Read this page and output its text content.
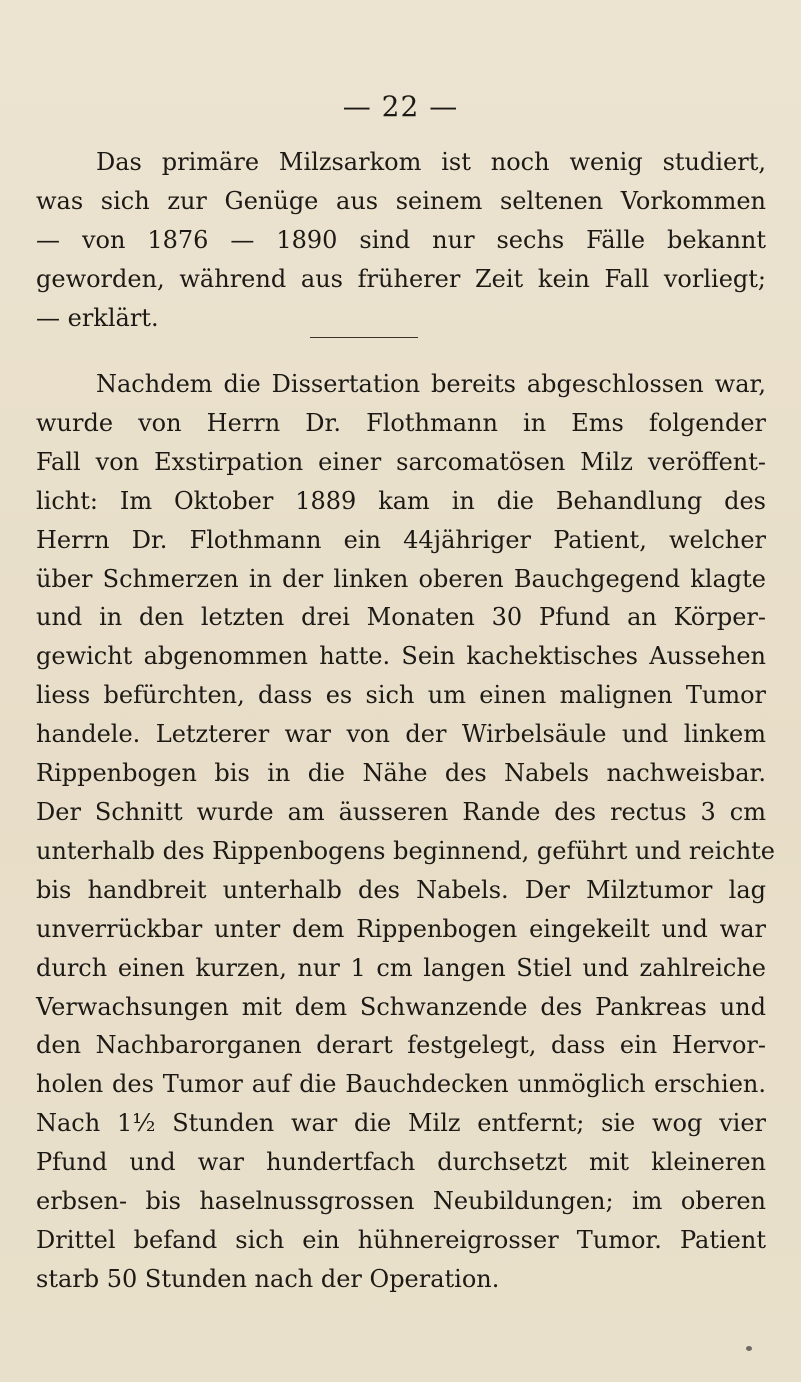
— 22 —
Das primäre Milzsarkom ist noch wenig studiert,
was sich zur Genüge aus seinem seltenen Vorkommen
— von 1876 — 1890 sind nur sechs Fälle bekannt
geworden, während aus früherer Zeit kein Fall vorliegt;
— erklärt.
Nachdem die Dissertation bereits abgeschlossen war,
wurde von Herrn Dr. Flothmann in Ems folgender
Fall von Exstirpation einer sarcomatösen Milz veröffent-
licht: Im Oktober 1889 kam in die Behandlung des
Herrn Dr. Flothmann ein 44jähriger Patient, welcher
über Schmerzen in der linken oberen Bauchgegend klagte
und in den letzten drei Monaten 30 Pfund an Körper-
gewicht abgenommen hatte. Sein kachektisches Aussehen
liess befürchten, dass es sich um einen malignen Tumor
handele. Letzterer war von der Wirbelsäule und linkem
Rippenbogen bis in die Nähe des Nabels nachweisbar.
Der Schnitt wurde am äusseren Rande des rectus 3 cm
unterhalb des Rippenbogens beginnend, geführt und reichte
bis handbreit unterhalb des Nabels. Der Milztumor lag
unverrückbar unter dem Rippenbogen eingekeilt und war
durch einen kurzen, nur 1 cm langen Stiel und zahlreiche
Verwachsungen mit dem Schwanzende des Pankreas und
den Nachbarorganen derart festgelegt, dass ein Hervor-
holen des Tumor auf die Bauchdecken unmöglich erschien.
Nach 1½ Stunden war die Milz entfernt; sie wog vier
Pfund und war hundertfach durchsetzt mit kleineren
erbsen- bis haselnussgrossen Neubildungen; im oberen
Drittel befand sich ein hühnereigrosser Tumor. Patient
starb 50 Stunden nach der Operation.
